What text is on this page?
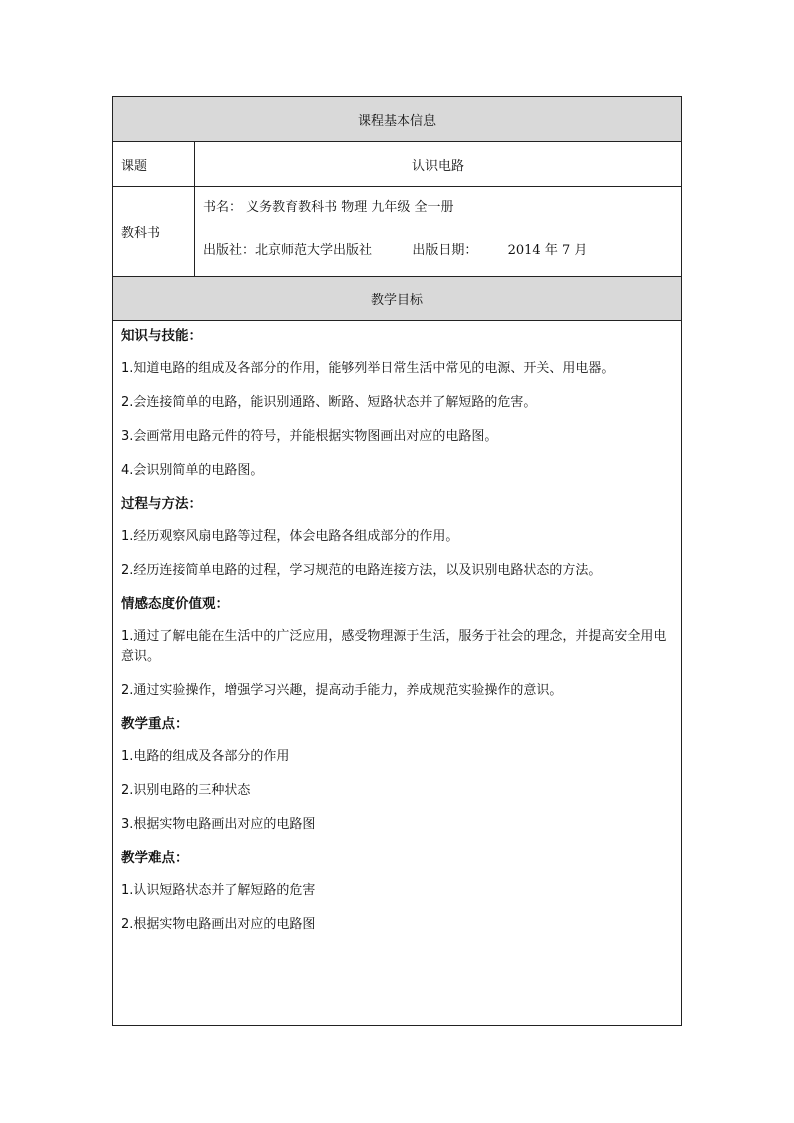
课程基本信息
课题	认识电路
教科书
书名： 义务教育教科书 物理 九年级 全一册
出版社：北京师范大学出版社	出版日期： 2014 年 7 月
教学目标
知识与技能：
1.知道电路的组成及各部分的作用，能够列举日常生活中常见的电源、开关、用电器。
2.会连接简单的电路，能识别通路、断路、短路状态并了解短路的危害。
3.会画常用电路元件的符号，并能根据实物图画出对应的电路图。
4.会识别简单的电路图。
过程与方法：
1.经历观察风扇电路等过程，体会电路各组成部分的作用。
2.经历连接简单电路的过程，学习规范的电路连接方法，以及识别电路状态的方法。
情感态度价值观：
1.通过了解电能在生活中的广泛应用，感受物理源于生活，服务于社会的理念，并提高安全用电意识。
2.通过实验操作，增强学习兴趣，提高动手能力，养成规范实验操作的意识。
教学重点：
1.电路的组成及各部分的作用
2.识别电路的三种状态
3.根据实物电路画出对应的电路图
教学难点：
1.认识短路状态并了解短路的危害
2.根据实物电路画出对应的电路图
